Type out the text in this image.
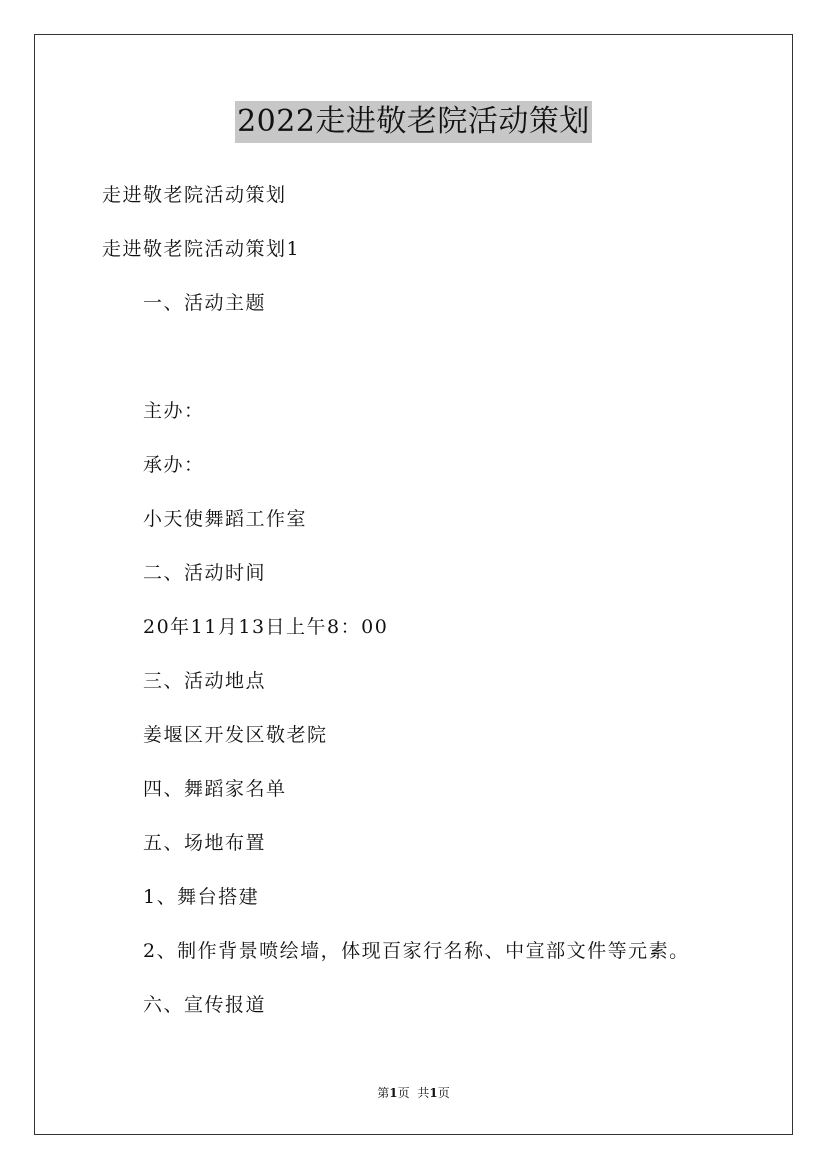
2022走进敬老院活动策划
走进敬老院活动策划
走进敬老院活动策划1
一、活动主题
主办：
承办：
小天使舞蹈工作室
二、活动时间
20年11月13日上午8：00
三、活动地点
姜堰区开发区敬老院
四、舞蹈家名单
五、场地布置
1、舞台搭建
2、制作背景喷绘墙，体现百家行名称、中宣部文件等元素。
六、宣传报道
第1页 共1页
